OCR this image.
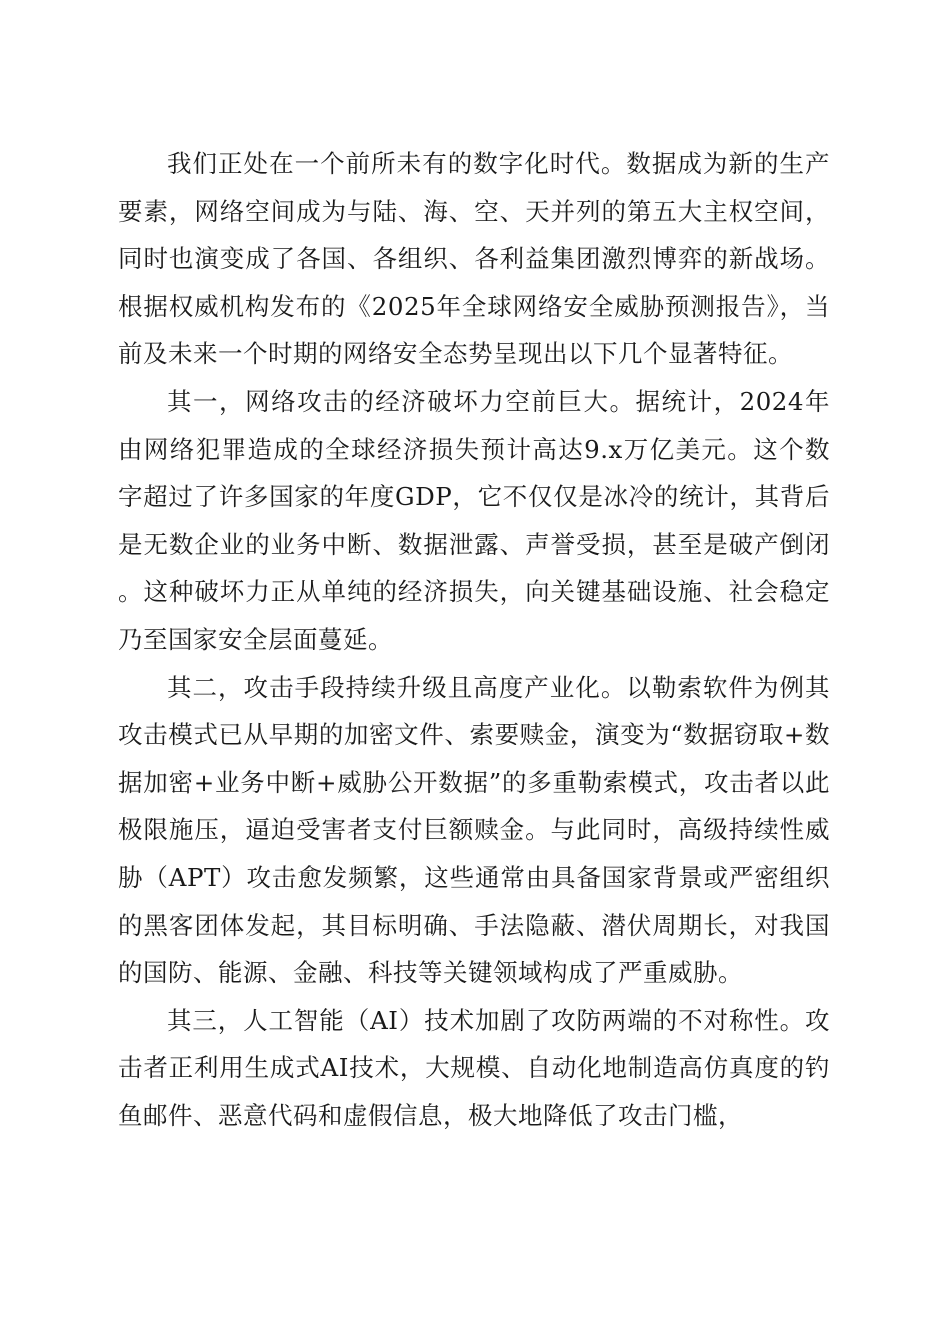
我们正处在一个前所未有的数字化时代。数据成为新的生产要素，网络空间成为与陆、海、空、天并列的第五大主权空间，同时也演变成了各国、各组织、各利益集团激烈博弈的新战场。根据权威机构发布的《2025年全球网络安全威胁预测报告》，当前及未来一个时期的网络安全态势呈现出以下几个显著特征。

其一，网络攻击的经济破坏力空前巨大。据统计，2024年由网络犯罪造成的全球经济损失预计高达9.x万亿美元。这个数字超过了许多国家的年度GDP，它不仅仅是冰冷的统计，其背后是无数企业的业务中断、数据泄露、声誉受损，甚至是破产倒闭。这种破坏力正从单纯的经济损失，向关键基础设施、社会稳定乃至国家安全层面蔓延。

其二，攻击手段持续升级且高度产业化。以勒索软件为例其攻击模式已从早期的加密文件、索要赎金，演变为“数据窃取+数据加密+业务中断+威胁公开数据”的多重勒索模式，攻击者以此极限施压，逼迫受害者支付巨额赎金。与此同时，高级持续性威胁（APT）攻击愈发频繁，这些通常由具备国家背景或严密组织的黑客团体发起，其目标明确、手法隐蔽、潜伏周期长，对我国的国防、能源、金融、科技等关键领域构成了严重威胁。

其三，人工智能（AI）技术加剧了攻防两端的不对称性。攻击者正利用生成式AI技术，大规模、自动化地制造高仿真度的钓鱼邮件、恶意代码和虚假信息，极大地降低了攻击门槛，
